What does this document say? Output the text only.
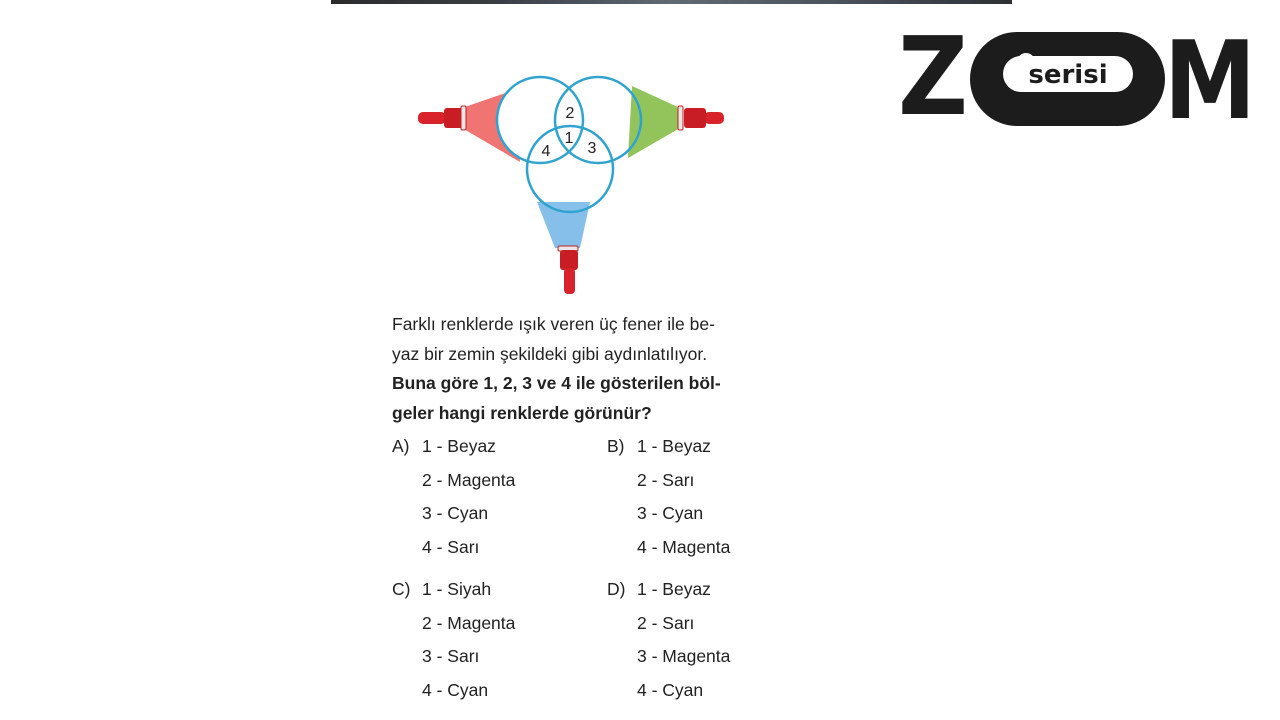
2
1
4 3
Z serisi M
Farklı renklerde ışık veren üç fener ile be-
yaz bir zemin şekildeki gibi aydınlatılıyor.
Buna göre 1, 2, 3 ve 4 ile gösterilen böl-
geler hangi renklerde görünür?
A) 1 - Beyaz
2 - Magenta
3 - Cyan
4 - Sarı
B) 1 - Beyaz
2 - Sarı
3 - Cyan
4 - Magenta
C) 1 - Siyah
2 - Magenta
3 - Sarı
4 - Cyan
D) 1 - Beyaz
2 - Sarı
3 - Magenta
4 - Cyan
